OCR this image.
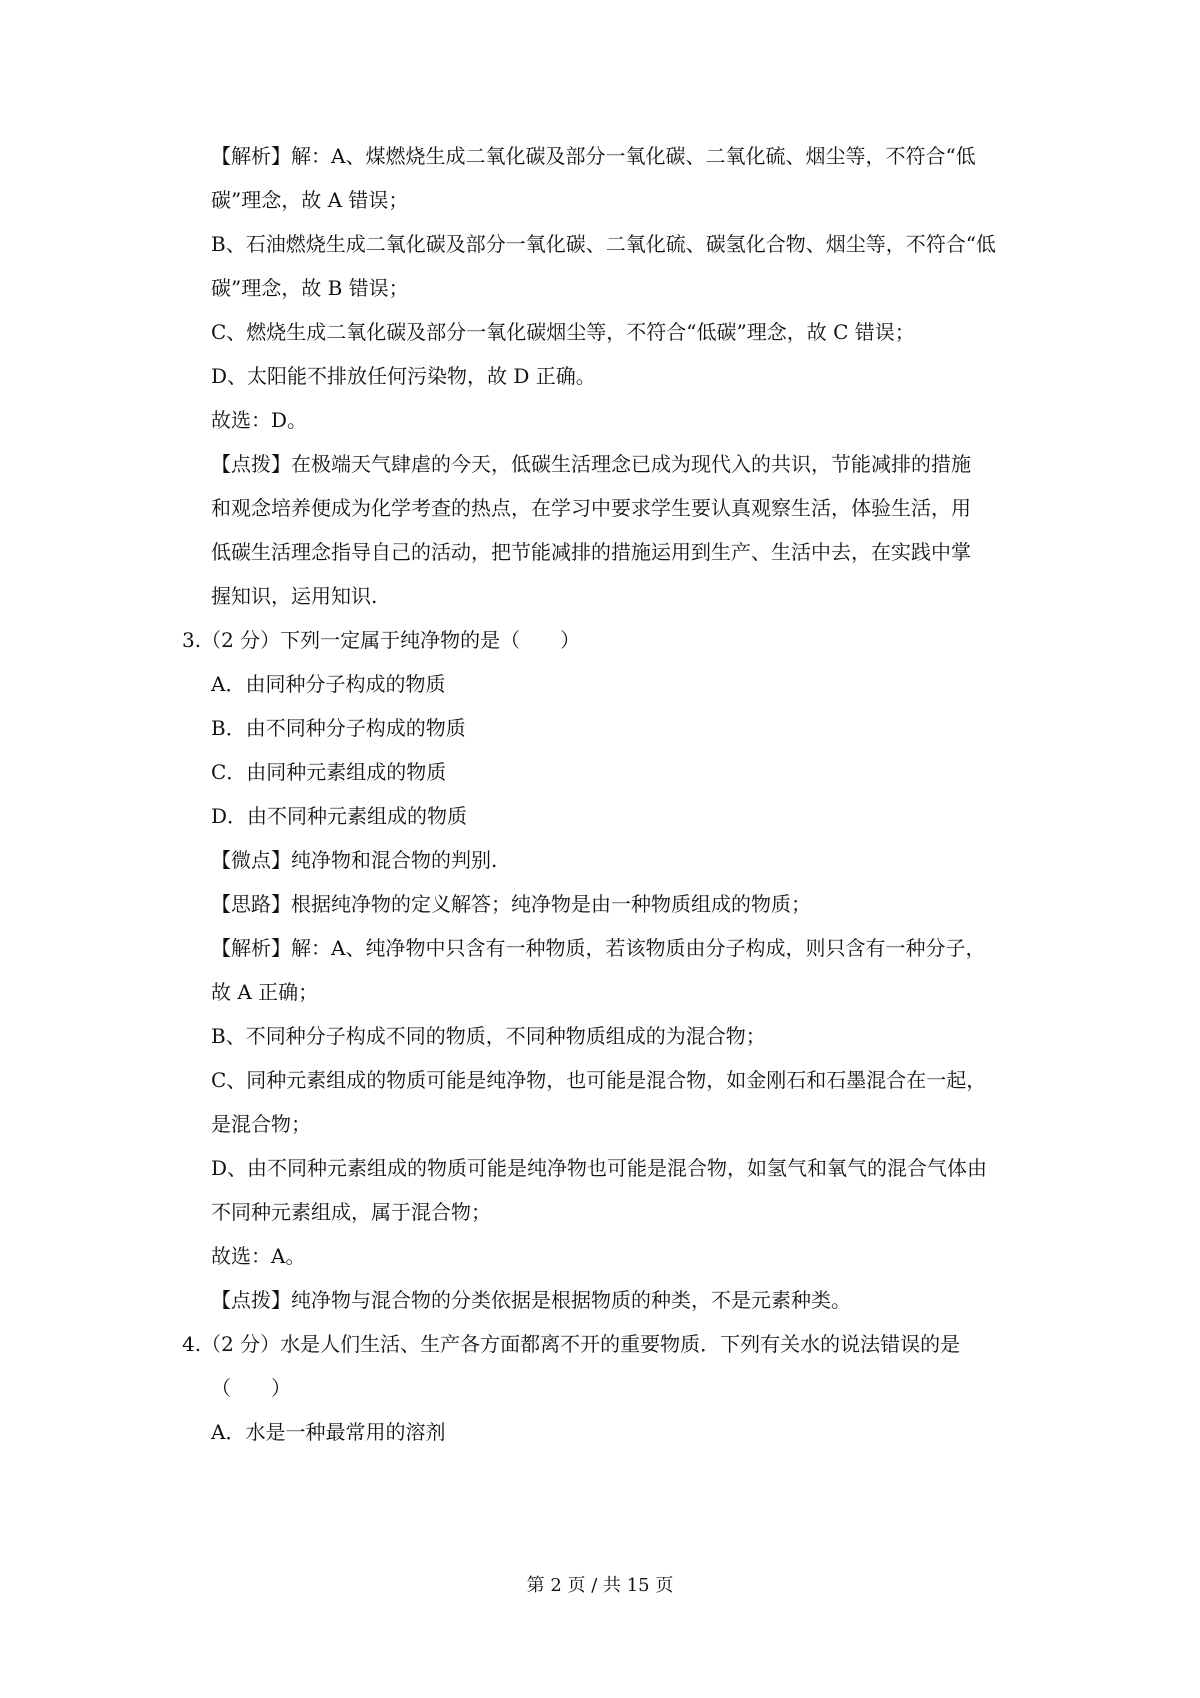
【解析】解：A、煤燃烧生成二氧化碳及部分一氧化碳、二氧化硫、烟尘等，不符合“低
碳”理念，故 A 错误；
B、石油燃烧生成二氧化碳及部分一氧化碳、二氧化硫、碳氢化合物、烟尘等，不符合“低
碳”理念，故 B 错误；
C、燃烧生成二氧化碳及部分一氧化碳烟尘等，不符合“低碳”理念，故 C 错误；
D、太阳能不排放任何污染物，故 D 正确。
故选：D。
【点拨】在极端天气肆虐的今天，低碳生活理念已成为现代入的共识，节能减排的措施
和观念培养便成为化学考查的热点，在学习中要求学生要认真观察生活，体验生活，用
低碳生活理念指导自己的活动，把节能减排的措施运用到生产、生活中去，在实践中掌
握知识，运用知识.
3.（2 分）下列一定属于纯净物的是（　　）
A．由同种分子构成的物质
B．由不同种分子构成的物质
C．由同种元素组成的物质
D．由不同种元素组成的物质
【微点】纯净物和混合物的判别.
【思路】根据纯净物的定义解答；纯净物是由一种物质组成的物质；
【解析】解：A、纯净物中只含有一种物质，若该物质由分子构成，则只含有一种分子，
故 A 正确；
B、不同种分子构成不同的物质，不同种物质组成的为混合物；
C、同种元素组成的物质可能是纯净物，也可能是混合物，如金刚石和石墨混合在一起，
是混合物；
D、由不同种元素组成的物质可能是纯净物也可能是混合物，如氢气和氧气的混合气体由
不同种元素组成，属于混合物；
故选：A。
【点拨】纯净物与混合物的分类依据是根据物质的种类，不是元素种类。
4.（2 分）水是人们生活、生产各方面都离不开的重要物质．下列有关水的说法错误的是
（　　）
A．水是一种最常用的溶剂
第 2 页 / 共 15 页
